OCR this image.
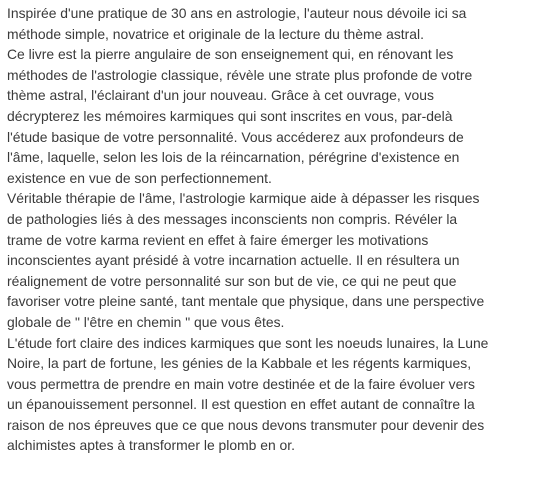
Inspirée d'une pratique de 30 ans en astrologie, l'auteur nous dévoile ici sa
méthode simple, novatrice et originale de la lecture du thème astral.

Ce livre est la pierre angulaire de son enseignement qui, en rénovant les
méthodes de l'astrologie classique, révèle une strate plus profonde de votre
thème astral, l'éclairant d'un jour nouveau. Grâce à cet ouvrage, vous
décrypterez les mémoires karmiques qui sont inscrites en vous, par-delà
l'étude basique de votre personnalité. Vous accéderez aux profondeurs de
l'âme, laquelle, selon les lois de la réincarnation, pérégrine d'existence en
existence en vue de son perfectionnement.

Véritable thérapie de l'âme, l'astrologie karmique aide à dépasser les risques
de pathologies liés à des messages inconscients non compris. Révéler la
trame de votre karma revient en effet à faire émerger les motivations
inconscientes ayant présidé à votre incarnation actuelle. Il en résultera un
réalignement de votre personnalité sur son but de vie, ce qui ne peut que
favoriser votre pleine santé, tant mentale que physique, dans une perspective
globale de " l'être en chemin " que vous êtes.

L'étude fort claire des indices karmiques que sont les noeuds lunaires, la Lune
Noire, la part de fortune, les génies de la Kabbale et les régents karmiques,
vous permettra de prendre en main votre destinée et de la faire évoluer vers
un épanouissement personnel. Il est question en effet autant de connaître la
raison de nos épreuves que ce que nous devons transmuter pour devenir des
alchimistes aptes à transformer le plomb en or.
